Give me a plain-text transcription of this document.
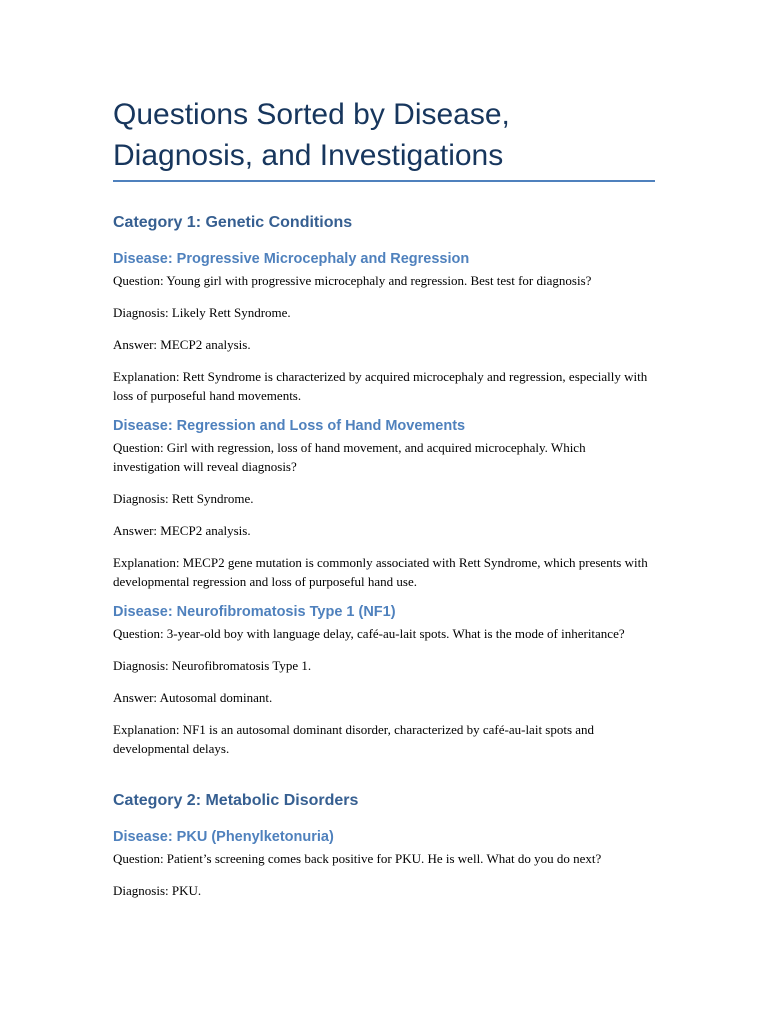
Questions Sorted by Disease, Diagnosis, and Investigations
Category 1: Genetic Conditions
Disease: Progressive Microcephaly and Regression

Question: Young girl with progressive microcephaly and regression. Best test for diagnosis?

Diagnosis: Likely Rett Syndrome.

Answer: MECP2 analysis.

Explanation: Rett Syndrome is characterized by acquired microcephaly and regression, especially with loss of purposeful hand movements.

Disease: Regression and Loss of Hand Movements

Question: Girl with regression, loss of hand movement, and acquired microcephaly. Which investigation will reveal diagnosis?

Diagnosis: Rett Syndrome.

Answer: MECP2 analysis.

Explanation: MECP2 gene mutation is commonly associated with Rett Syndrome, which presents with developmental regression and loss of purposeful hand use.

Disease: Neurofibromatosis Type 1 (NF1)

Question: 3-year-old boy with language delay, café-au-lait spots. What is the mode of inheritance?

Diagnosis: Neurofibromatosis Type 1.

Answer: Autosomal dominant.

Explanation: NF1 is an autosomal dominant disorder, characterized by café-au-lait spots and developmental delays.

Category 2: Metabolic Disorders
Disease: PKU (Phenylketonuria)

Question: Patient’s screening comes back positive for PKU. He is well. What do you do next?

Diagnosis: PKU.
